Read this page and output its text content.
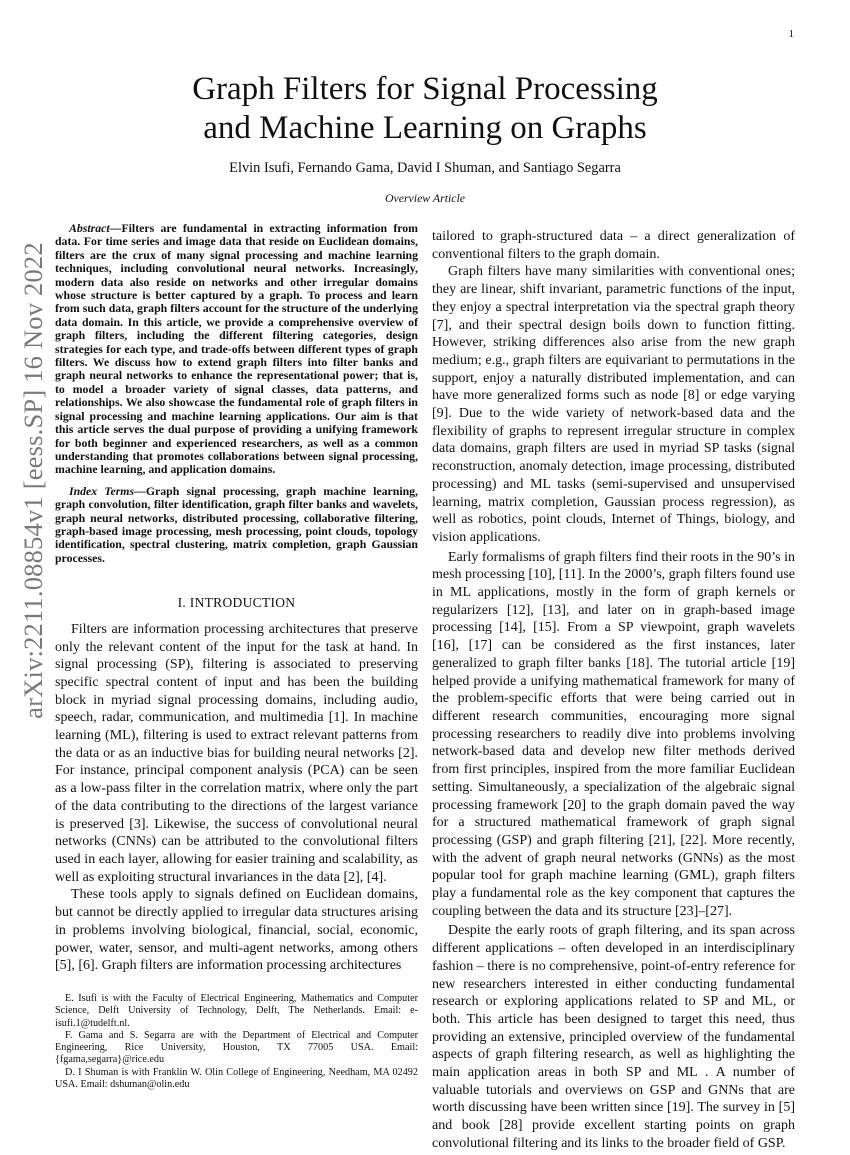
1
arXiv:2211.08854v1 [eess.SP] 16 Nov 2022
Graph Filters for Signal Processing
and Machine Learning on Graphs
Elvin Isufi, Fernando Gama, David I Shuman, and Santiago Segarra
Overview Article

Abstract—Filters are fundamental in extracting information from data. For time series and image data that reside on Euclidean domains, filters are the crux of many signal processing and machine learning techniques, including convolutional neural networks. Increasingly, modern data also reside on networks and other irregular domains whose structure is better captured by a graph. To process and learn from such data, graph filters account for the structure of the underlying data domain. In this article, we provide a comprehensive overview of graph filters, including the different filtering categories, design strategies for each type, and trade-offs between different types of graph filters. We discuss how to extend graph filters into filter banks and graph neural networks to enhance the representational power; that is, to model a broader variety of signal classes, data patterns, and relationships. We also showcase the fundamental role of graph filters in signal processing and machine learning applications. Our aim is that this article serves the dual purpose of providing a unifying framework for both beginner and experienced researchers, as well as a common understanding that promotes collaborations between signal processing, machine learning, and application domains.

Index Terms—Graph signal processing, graph machine learning, graph convolution, filter identification, graph filter banks and wavelets, graph neural networks, distributed processing, collaborative filtering, graph-based image processing, mesh processing, point clouds, topology identification, spectral clustering, matrix completion, graph Gaussian processes.

I. INTRODUCTION

Filters are information processing architectures that preserve only the relevant content of the input for the task at hand. In signal processing (SP), filtering is associated to preserving specific spectral content of input and has been the building block in myriad signal processing domains, including audio, speech, radar, communication, and multimedia [1]. In machine learning (ML), filtering is used to extract relevant patterns from the data or as an inductive bias for building neural networks [2]. For instance, principal component analysis (PCA) can be seen as a low-pass filter in the correlation matrix, where only the part of the data contributing to the directions of the largest variance is preserved [3]. Likewise, the success of convolutional neural networks (CNNs) can be attributed to the convolutional filters used in each layer, allowing for easier training and scalability, as well as exploiting structural invariances in the data [2], [4].

These tools apply to signals defined on Euclidean domains, but cannot be directly applied to irregular data structures arising in problems involving biological, financial, social, economic, power, water, sensor, and multi-agent networks, among others [5], [6]. Graph filters are information processing architectures

E. Isufi is with the Faculty of Electrical Engineering, Mathematics and Computer Science, Delft University of Technology, Delft, The Netherlands. Email: e-isufi.1@tudelft.nl.

F. Gama and S. Segarra are with the Department of Electrical and Computer Engineering, Rice University, Houston, TX 77005 USA. Email: {fgama,segarra}@rice.edu

D. I Shuman is with Franklin W. Olin College of Engineering, Needham, MA 02492 USA. Email: dshuman@olin.edu

tailored to graph-structured data – a direct generalization of conventional filters to the graph domain.

Graph filters have many similarities with conventional ones; they are linear, shift invariant, parametric functions of the input, they enjoy a spectral interpretation via the spectral graph theory [7], and their spectral design boils down to function fitting. However, striking differences also arise from the new graph medium; e.g., graph filters are equivariant to permutations in the support, enjoy a naturally distributed implementation, and can have more generalized forms such as node [8] or edge varying [9]. Due to the wide variety of network-based data and the flexibility of graphs to represent irregular structure in complex data domains, graph filters are used in myriad SP tasks (signal reconstruction, anomaly detection, image processing, distributed processing) and ML tasks (semi-supervised and unsupervised learning, matrix completion, Gaussian process regression), as well as robotics, point clouds, Internet of Things, biology, and vision applications.

Early formalisms of graph filters find their roots in the 90’s in mesh processing [10], [11]. In the 2000’s, graph filters found use in ML applications, mostly in the form of graph kernels or regularizers [12], [13], and later on in graph-based image processing [14], [15]. From a SP viewpoint, graph wavelets [16], [17] can be considered as the first instances, later generalized to graph filter banks [18]. The tutorial article [19] helped provide a unifying mathematical framework for many of the problem-specific efforts that were being carried out in different research communities, encouraging more signal processing researchers to readily dive into problems involving network-based data and develop new filter methods derived from first principles, inspired from the more familiar Euclidean setting. Simultaneously, a specialization of the algebraic signal processing framework [20] to the graph domain paved the way for a structured mathematical framework of graph signal processing (GSP) and graph filtering [21], [22]. More recently, with the advent of graph neural networks (GNNs) as the most popular tool for graph machine learning (GML), graph filters play a fundamental role as the key component that captures the coupling between the data and its structure [23]–[27].

Despite the early roots of graph filtering, and its span across different applications – often developed in an interdisciplinary fashion – there is no comprehensive, point-of-entry reference for new researchers interested in either conducting fundamental research or exploring applications related to SP and ML, or both. This article has been designed to target this need, thus providing an extensive, principled overview of the fundamental aspects of graph filtering research, as well as highlighting the main application areas in both SP and ML . A number of valuable tutorials and overviews on GSP and GNNs that are worth discussing have been written since [19]. The survey in [5] and book [28] provide excellent starting points on graph convolutional filtering and its links to the broader field of GSP.
